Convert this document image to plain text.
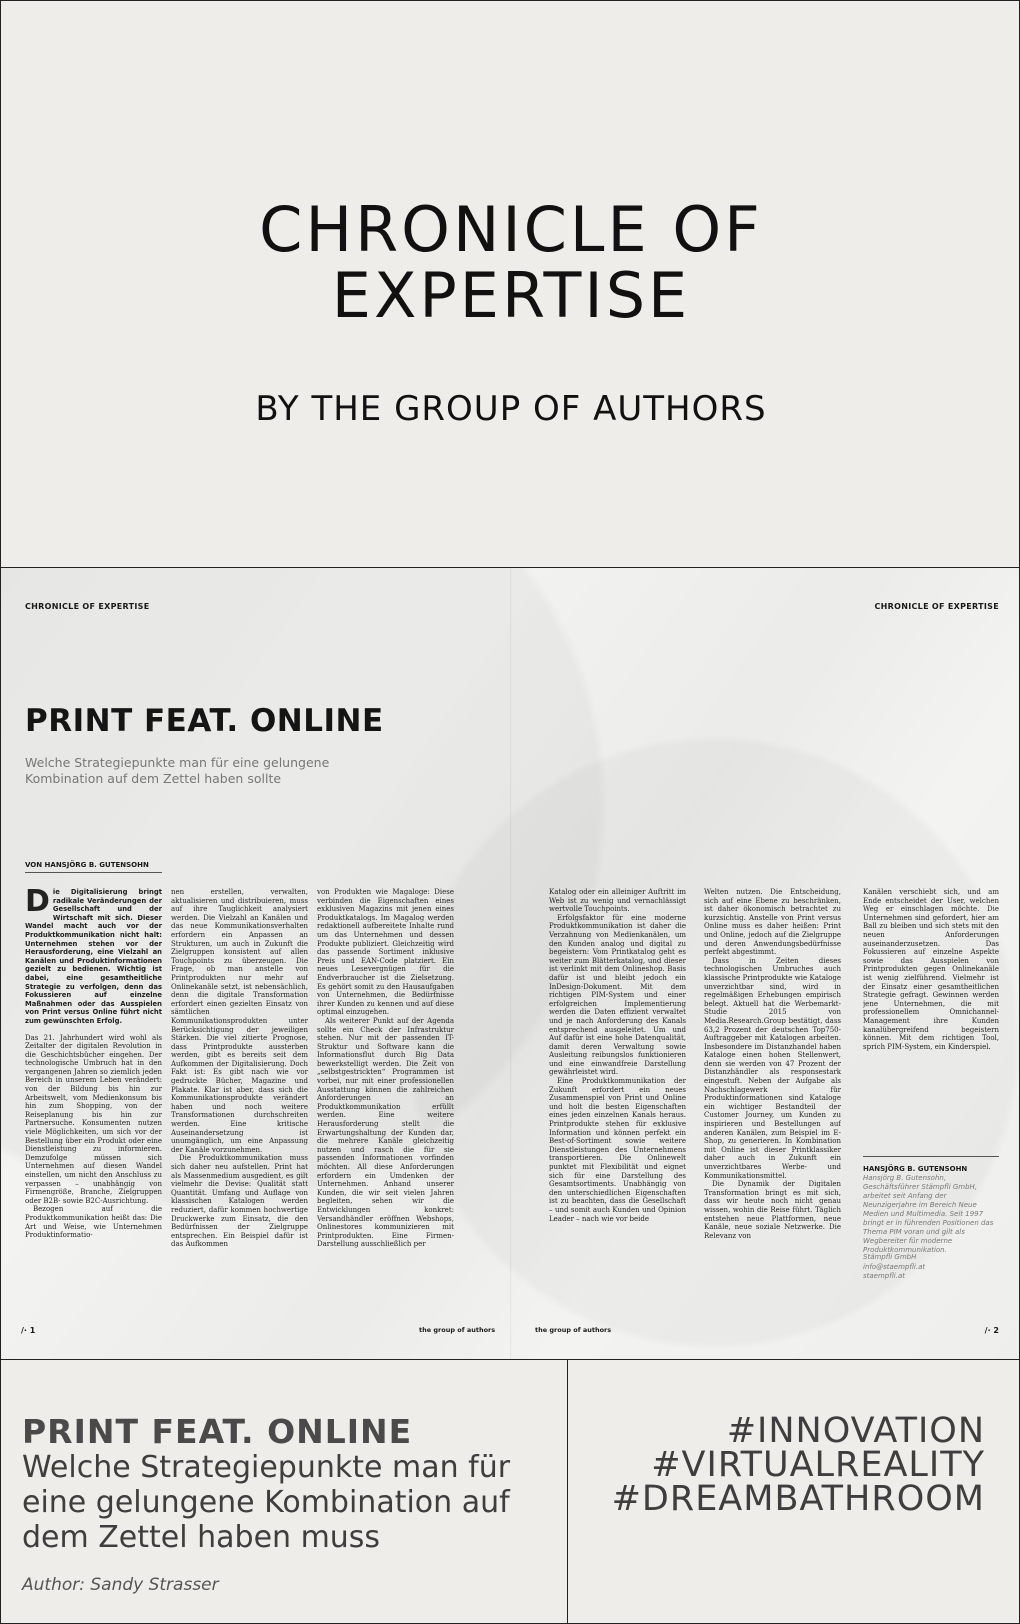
CHRONICLE OF
EXPERTISE
BY THE GROUP OF AUTHORS
CHRONICLE OF EXPERTISE	CHRONICLE OF EXPERTISE
PRINT FEAT. ONLINE
Welche Strategiepunkte man für eine gelungene Kombination auf dem Zettel haben sollte
VON HANSJÖRG B. GUTENSOHN

Die Digitalisierung bringt radikale Veränderungen der Gesellschaft und der Wirtschaft mit sich. Dieser Wandel macht auch vor der Produktkommunikation nicht halt: Unternehmen stehen vor der Herausforderung, eine Vielzahl an Kanälen und Produktinformationen gezielt zu bedienen. Wichtig ist dabei, eine gesamtheitliche Strategie zu verfolgen, denn das Fokussieren auf einzelne Maßnahmen oder das Ausspielen von Print versus Online führt nicht zum gewünschten Erfolg.

Das 21. Jahrhundert wird wohl als Zeitalter der digitalen Revolution in die Geschichtsbücher eingehen. Der technologische Umbruch hat in den vergangenen Jahren so ziemlich jeden Bereich in unserem Leben verändert: von der Bildung bis hin zur Arbeitswelt, vom Medienkonsum bis hin zum Shopping, von der Reiseplanung bis hin zur Partnersuche. Konsumenten nutzen viele Möglichkeiten, um sich vor der Bestellung über ein Produkt oder eine Dienstleistung zu informieren. Demzufolge müssen sich Unternehmen auf diesen Wandel einstellen, um nicht den Anschluss zu verpassen – unabhängig von Firmengröße, Branche, Zielgruppen oder B2B- sowie B2C-Ausrichtung.

Bezogen auf die Produktkommunikation heißt das: Die Art und Weise, wie Unternehmen Produktinformatio-

nen erstellen, verwalten, aktualisieren und distribuieren, muss auf ihre Tauglichkeit analysiert werden. Die Vielzahl an Kanälen und das neue Kommunikationsverhalten erfordern ein Anpassen an Strukturen, um auch in Zukunft die Zielgruppen konsistent auf allen Touchpoints zu überzeugen. Die Frage, ob man anstelle von Printprodukten nur mehr auf Onlinekanäle setzt, ist nebensächlich, denn die digitale Transformation erfordert einen gezielten Einsatz von sämtlichen Kommunikationsprodukten unter Berücksichtigung der jeweiligen Stärken. Die viel zitierte Prognose, dass Printprodukte aussterben werden, gibt es bereits seit dem Aufkommen der Digitalisierung. Doch Fakt ist: Es gibt nach wie vor gedruckte Bücher, Magazine und Plakate. Klar ist aber, dass sich die Kommunikationsprodukte verändert haben und noch weitere Transformationen durchschreiten werden. Eine kritische Auseinandersetzung ist unumgänglich, um eine Anpassung der Kanäle vorzunehmen.

Die Produktkommunikation muss sich daher neu aufstellen. Print hat als Massenmedium ausgedient, es gilt vielmehr die Devise: Qualität statt Quantität. Umfang und Auflage von klassischen Katalogen werden reduziert, dafür kommen hochwertige Druckwerke zum Einsatz, die den Bedürfnissen der Zielgruppe entsprechen. Ein Beispiel dafür ist das Aufkommen

von Produkten wie Magaloge: Diese verbinden die Eigenschaften eines exklusiven Magazins mit jenen eines Produktkatalogs. Im Magalog werden redaktionell aufbereitete Inhalte rund um das Unternehmen und dessen Produkte publiziert. Gleichzeitig wird das passende Sortiment inklusive Preis und EAN-Code platziert. Ein neues Lesevergnügen für die Endverbraucher ist die Zielsetzung. Es gehört somit zu den Hausaufgaben von Unternehmen, die Bedürfnisse ihrer Kunden zu kennen und auf diese optimal einzugehen.

Als weiterer Punkt auf der Agenda sollte ein Check der Infrastruktur stehen. Nur mit der passenden IT-Struktur und Software kann die Informationsflut durch Big Data bewerkstelligt werden. Die Zeit von „selbstgestrickten“ Programmen ist vorbei, nur mit einer professionellen Ausstattung können die zahlreichen Anforderungen an Produktkommunikation erfüllt werden. Eine weitere Herausforderung stellt die Erwartungshaltung der Kunden dar, die mehrere Kanäle gleichzeitig nutzen und rasch die für sie passenden Informationen vorfinden möchten. All diese Anforderungen erfordern ein Umdenken der Unternehmen. Anhand unserer Kunden, die wir seit vielen Jahren begleiten, sehen wir die Entwicklungen konkret: Versandhändler eröffnen Webshops, Onlinestores kommunizieren mit Printprodukten. Eine Firmen-Darstellung ausschließlich per

Katalog oder ein alleiniger Auftritt im Web ist zu wenig und vernachlässigt wertvolle Touchpoints.

Erfolgsfaktor für eine moderne Produktkommunikation ist daher die Verzahnung von Medienkanälen, um den Kunden analog und digital zu begeistern: Vom Printkatalog geht es weiter zum Blätterkatalog, und dieser ist verlinkt mit dem Onlineshop. Basis dafür ist und bleibt jedoch ein InDesign-Dokument. Mit dem richtigen PIM-System und einer erfolgreichen Implementierung werden die Daten effizient verwaltet und je nach Anforderung des Kanals entsprechend ausgeleitet. Um und Auf dafür ist eine hohe Datenqualität, damit deren Verwaltung sowie Ausleitung reibungslos funktionieren und eine einwandfreie Darstellung gewährleistet wird.

Eine Produktkommunikation der Zukunft erfordert ein neues Zusammenspiel von Print und Online und holt die besten Eigenschaften eines jeden einzelnen Kanals heraus. Printprodukte stehen für exklusive Information und können perfekt ein Best-of-Sortiment sowie weitere Dienstleistungen des Unternehmens transportieren. Die Onlinewelt punktet mit Flexibilität und eignet sich für eine Darstellung des Gesamtsortiments. Unabhängig von den unterschiedlichen Eigenschaften ist zu beachten, dass die Gesellschaft – und somit auch Kunden und Opinion Leader – nach wie vor beide

Welten nutzen. Die Entscheidung, sich auf eine Ebene zu beschränken, ist daher ökonomisch betrachtet zu kurzsichtig. Anstelle von Print versus Online muss es daher heißen: Print und Online, jedoch auf die Zielgruppe und deren Anwendungsbedürfnisse perfekt abgestimmt.

Dass in Zeiten dieses technologischen Umbruches auch klassische Printprodukte wie Kataloge unverzichtbar sind, wird in regelmäßigen Erhebungen empirisch belegt. Aktuell hat die Werbemarkt-Studie 2015 von Media.Research.Group bestätigt, dass 63,2 Prozent der deutschen Top750-Auftraggeber mit Katalogen arbeiten. Insbesondere im Distanzhandel haben Kataloge einen hohen Stellenwert, denn sie werden von 47 Prozent der Distanzhändler als responsestark eingestuft. Neben der Aufgabe als Nachschlagewerk für Produktinformationen sind Kataloge ein wichtiger Bestandteil der Customer Journey, um Kunden zu inspirieren und Bestellungen auf anderen Kanälen, zum Beispiel im E-Shop, zu generieren. In Kombination mit Online ist dieser Printklassiker daher auch in Zukunft ein unverzichtbares Werbe- und Kommunikationsmittel.

Die Dynamik der Digitalen Transformation bringt es mit sich, dass wir heute noch nicht genau wissen, wohin die Reise führt. Täglich entstehen neue Plattformen, neue Kanäle, neue soziale Netzwerke. Die Relevanz von

Kanälen verschiebt sich, und am Ende entscheidet der User, welchen Weg er einschlagen möchte. Die Unternehmen sind gefordert, hier am Ball zu bleiben und sich stets mit den neuen Anforderungen auseinanderzusetzen. Das Fokussieren auf einzelne Aspekte sowie das Ausspielen von Printprodukten gegen Onlinekanäle ist wenig zielführend. Vielmehr ist der Einsatz einer gesamtheitlichen Strategie gefragt. Gewinnen werden jene Unternehmen, die mit professionellem Omnichannel-Management ihre Kunden kanalübergreifend begeistern können. Mit dem richtigen Tool, sprich PIM-System, ein Kinderspiel.

HANSJÖRG B. GUTENSOHN
Hansjörg B. Gutensohn, Geschäftsführer Stämpfli GmbH, arbeitet seit Anfang der Neunzigerjahre im Bereich Neue Medien und Multimedia. Seit 1997 bringt er in führenden Positionen das Thema PIM voran und gilt als Wegbereiter für moderne Produktkommunikation.
Stämpfli GmbH
info@staempfli.at
staempfli.at
/· 1	the group of authors	the group of authors	/· 2
PRINT FEAT. ONLINE
Welche Strategiepunkte man für eine gelungene Kombination auf dem Zettel haben muss
Author: Sandy Strasser
#INNOVATION
#VIRTUALREALITY
#DREAMBATHROOM
